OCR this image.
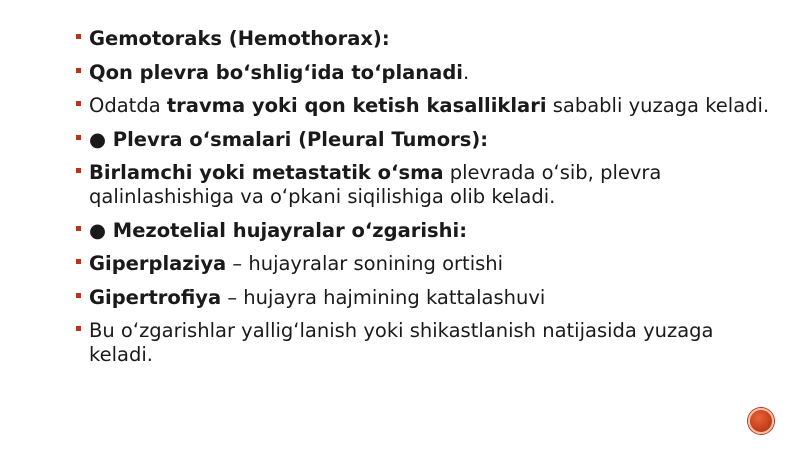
Gemotoraks (Hemothorax):
Qon plevra bo‘shlig‘ida to‘planadi.
Odatda travma yoki qon ketish kasalliklari sababli yuzaga keladi.
● Plevra o‘smalari (Pleural Tumors):
Birlamchi yoki metastatik o‘sma plevrada o‘sib, plevra qalinlashishiga va o‘pkani siqilishiga olib keladi.
● Mezotelial hujayralar o‘zgarishi:
Giperplaziya – hujayralar sonining ortishi
Gipertrofiya – hujayra hajmining kattalashuvi
Bu o‘zgarishlar yallig‘lanish yoki shikastlanish natijasida yuzaga keladi.
